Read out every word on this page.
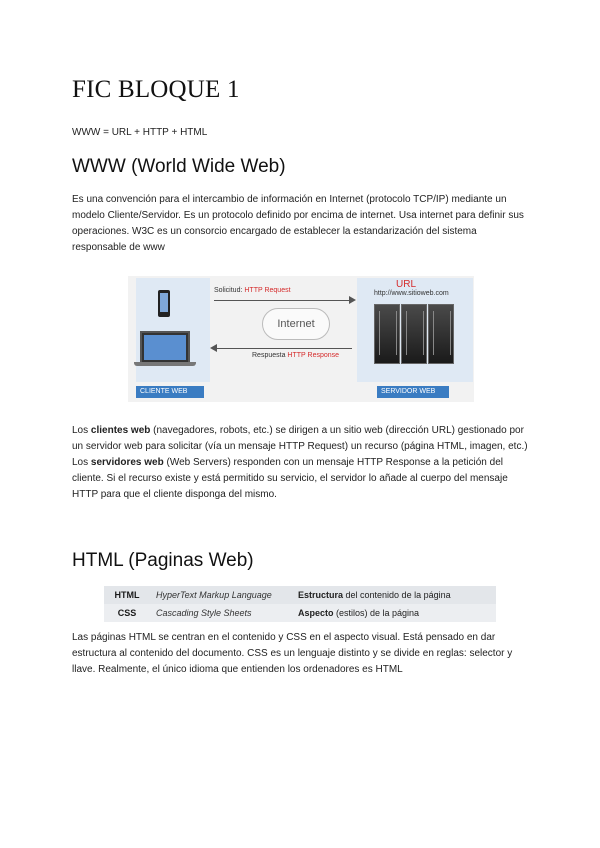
FIC BLOQUE 1
WWW = URL + HTTP + HTML
WWW (World Wide Web)
Es una convención para el intercambio de información en Internet (protocolo TCP/IP) mediante un modelo Cliente/Servidor. Es un protocolo definido por encima de internet. Usa internet para definir sus operaciones. W3C es un consorcio encargado de establecer la estandarización del sistema responsable de www
Solicitud: HTTP Request
Internet
Respuesta HTTP Response
URL
http://www.sitioweb.com
CLIENTE WEB	SERVIDOR WEB
Los clientes web (navegadores, robots, etc.) se dirigen a un sitio web (dirección URL) gestionado por un servidor web para solicitar (vía un mensaje HTTP Request) un recurso (página HTML, imagen, etc.)
Los servidores web (Web Servers) responden con un mensaje HTTP Response a la petición del cliente. Si el recurso existe y está permitido su servicio, el servidor lo añade al cuerpo del mensaje HTTP para que el cliente disponga del mismo.
HTML (Paginas Web)
HTML	HyperText Markup Language	Estructura del contenido de la página
CSS	Cascading Style Sheets	Aspecto (estilos) de la página
Las páginas HTML se centran en el contenido y CSS en el aspecto visual. Está pensado en dar estructura al contenido del documento. CSS es un lenguaje distinto y se divide en reglas: selector y llave. Realmente, el único idioma que entienden los ordenadores es HTML
